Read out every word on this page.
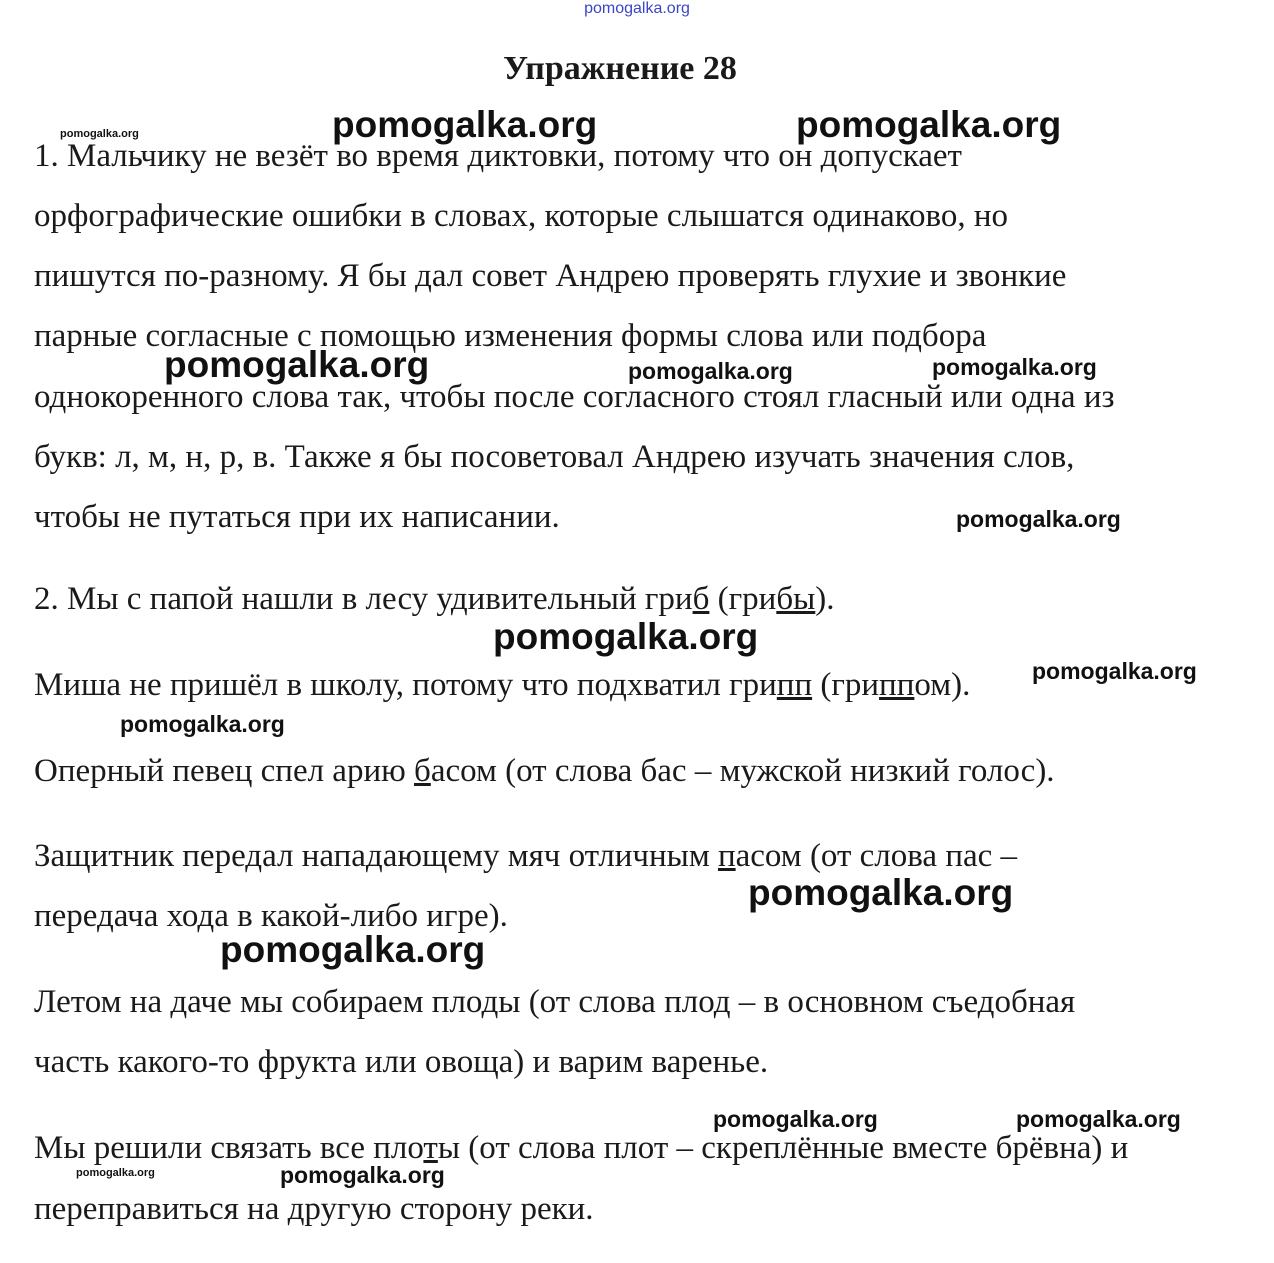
pomogalka.org
Упражнение 28
1. Мальчику не везёт во время диктовки, потому что он допускает
орфографические ошибки в словах, которые слышатся одинаково, но
пишутся по-разному. Я бы дал совет Андрею проверять глухие и звонкие
парные согласные с помощью изменения формы слова или подбора
однокоренного слова так, чтобы после согласного стоял гласный или одна из
букв: л, м, н, р, в. Также я бы посоветовал Андрею изучать значения слов,
чтобы не путаться при их написании.
2. Мы с папой нашли в лесу удивительный гриб (грибы).
Миша не пришёл в школу, потому что подхватил грипп (гриппом).
Оперный певец спел арию басом (от слова бас – мужской низкий голос).
Защитник передал нападающему мяч отличным пасом (от слова пас –
передача хода в какой-либо игре).
Летом на даче мы собираем плоды (от слова плод – в основном съедобная
часть какого-то фрукта или овоща) и варим варенье.
Мы решили связать все плоты (от слова плот – скреплённые вместе брёвна) и
переправиться на другую сторону реки.
pomogalka.org	pomogalka.org	pomogalka.org
pomogalka.org	pomogalka.org	pomogalka.org
pomogalka.org
pomogalka.org
pomogalka.org
pomogalka.org
pomogalka.org
pomogalka.org
pomogalka.org	pomogalka.org
pomogalka.org	pomogalka.org
